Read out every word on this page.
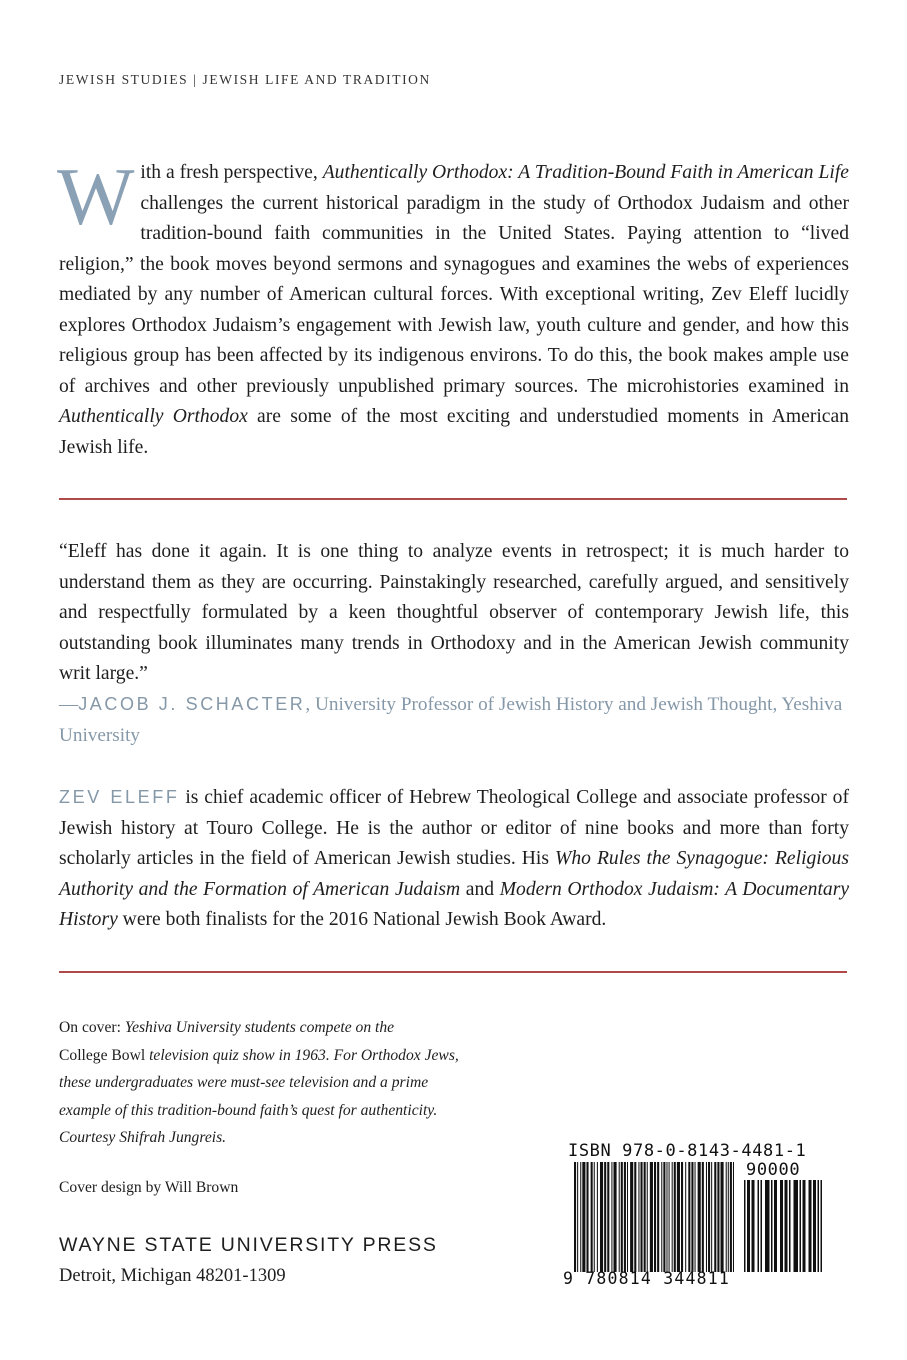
JEWISH STUDIES | JEWISH LIFE AND TRADITION
With a fresh perspective, Authentically Orthodox: A Tradition-Bound Faith in American Life challenges the current historical paradigm in the study of Orthodox Judaism and other tradition-bound faith communities in the United States. Paying attention to “lived religion,” the book moves beyond sermons and synagogues and examines the webs of experiences mediated by any number of American cultural forces. With exceptional writing, Zev Eleff lucidly explores Orthodox Judaism’s engagement with Jewish law, youth culture and gender, and how this religious group has been affected by its indigenous environs. To do this, the book makes ample use of archives and other previously unpublished primary sources. The microhistories examined in Authentically Orthodox are some of the most exciting and understudied moments in American Jewish life.
“Eleff has done it again. It is one thing to analyze events in retrospect; it is much harder to understand them as they are occurring. Painstakingly researched, carefully argued, and sensitively and respectfully formulated by a keen thoughtful observer of contemporary Jewish life, this outstanding book illuminates many trends in Orthodoxy and in the American Jewish community writ large.”
—JACOB J. SCHACTER, University Professor of Jewish History and Jewish Thought, Yeshiva University
ZEV ELEFF is chief academic officer of Hebrew Theological College and associate professor of Jewish history at Touro College. He is the author or editor of nine books and more than forty scholarly articles in the field of American Jewish studies. His Who Rules the Synagogue: Religious Authority and the Formation of American Judaism and Modern Orthodox Judaism: A Documentary History were both finalists for the 2016 National Jewish Book Award.
On cover: Yeshiva University students compete on the
College Bowl television quiz show in 1963. For Orthodox Jews, these undergraduates were must-see television and a prime example of this tradition-bound faith’s quest for authenticity. Courtesy Shifrah Jungreis.
Cover design by Will Brown
WAYNE STATE UNIVERSITY PRESS
Detroit, Michigan 48201-1309
ISBN 978-0-8143-4481-1
90000
9 780814 344811
